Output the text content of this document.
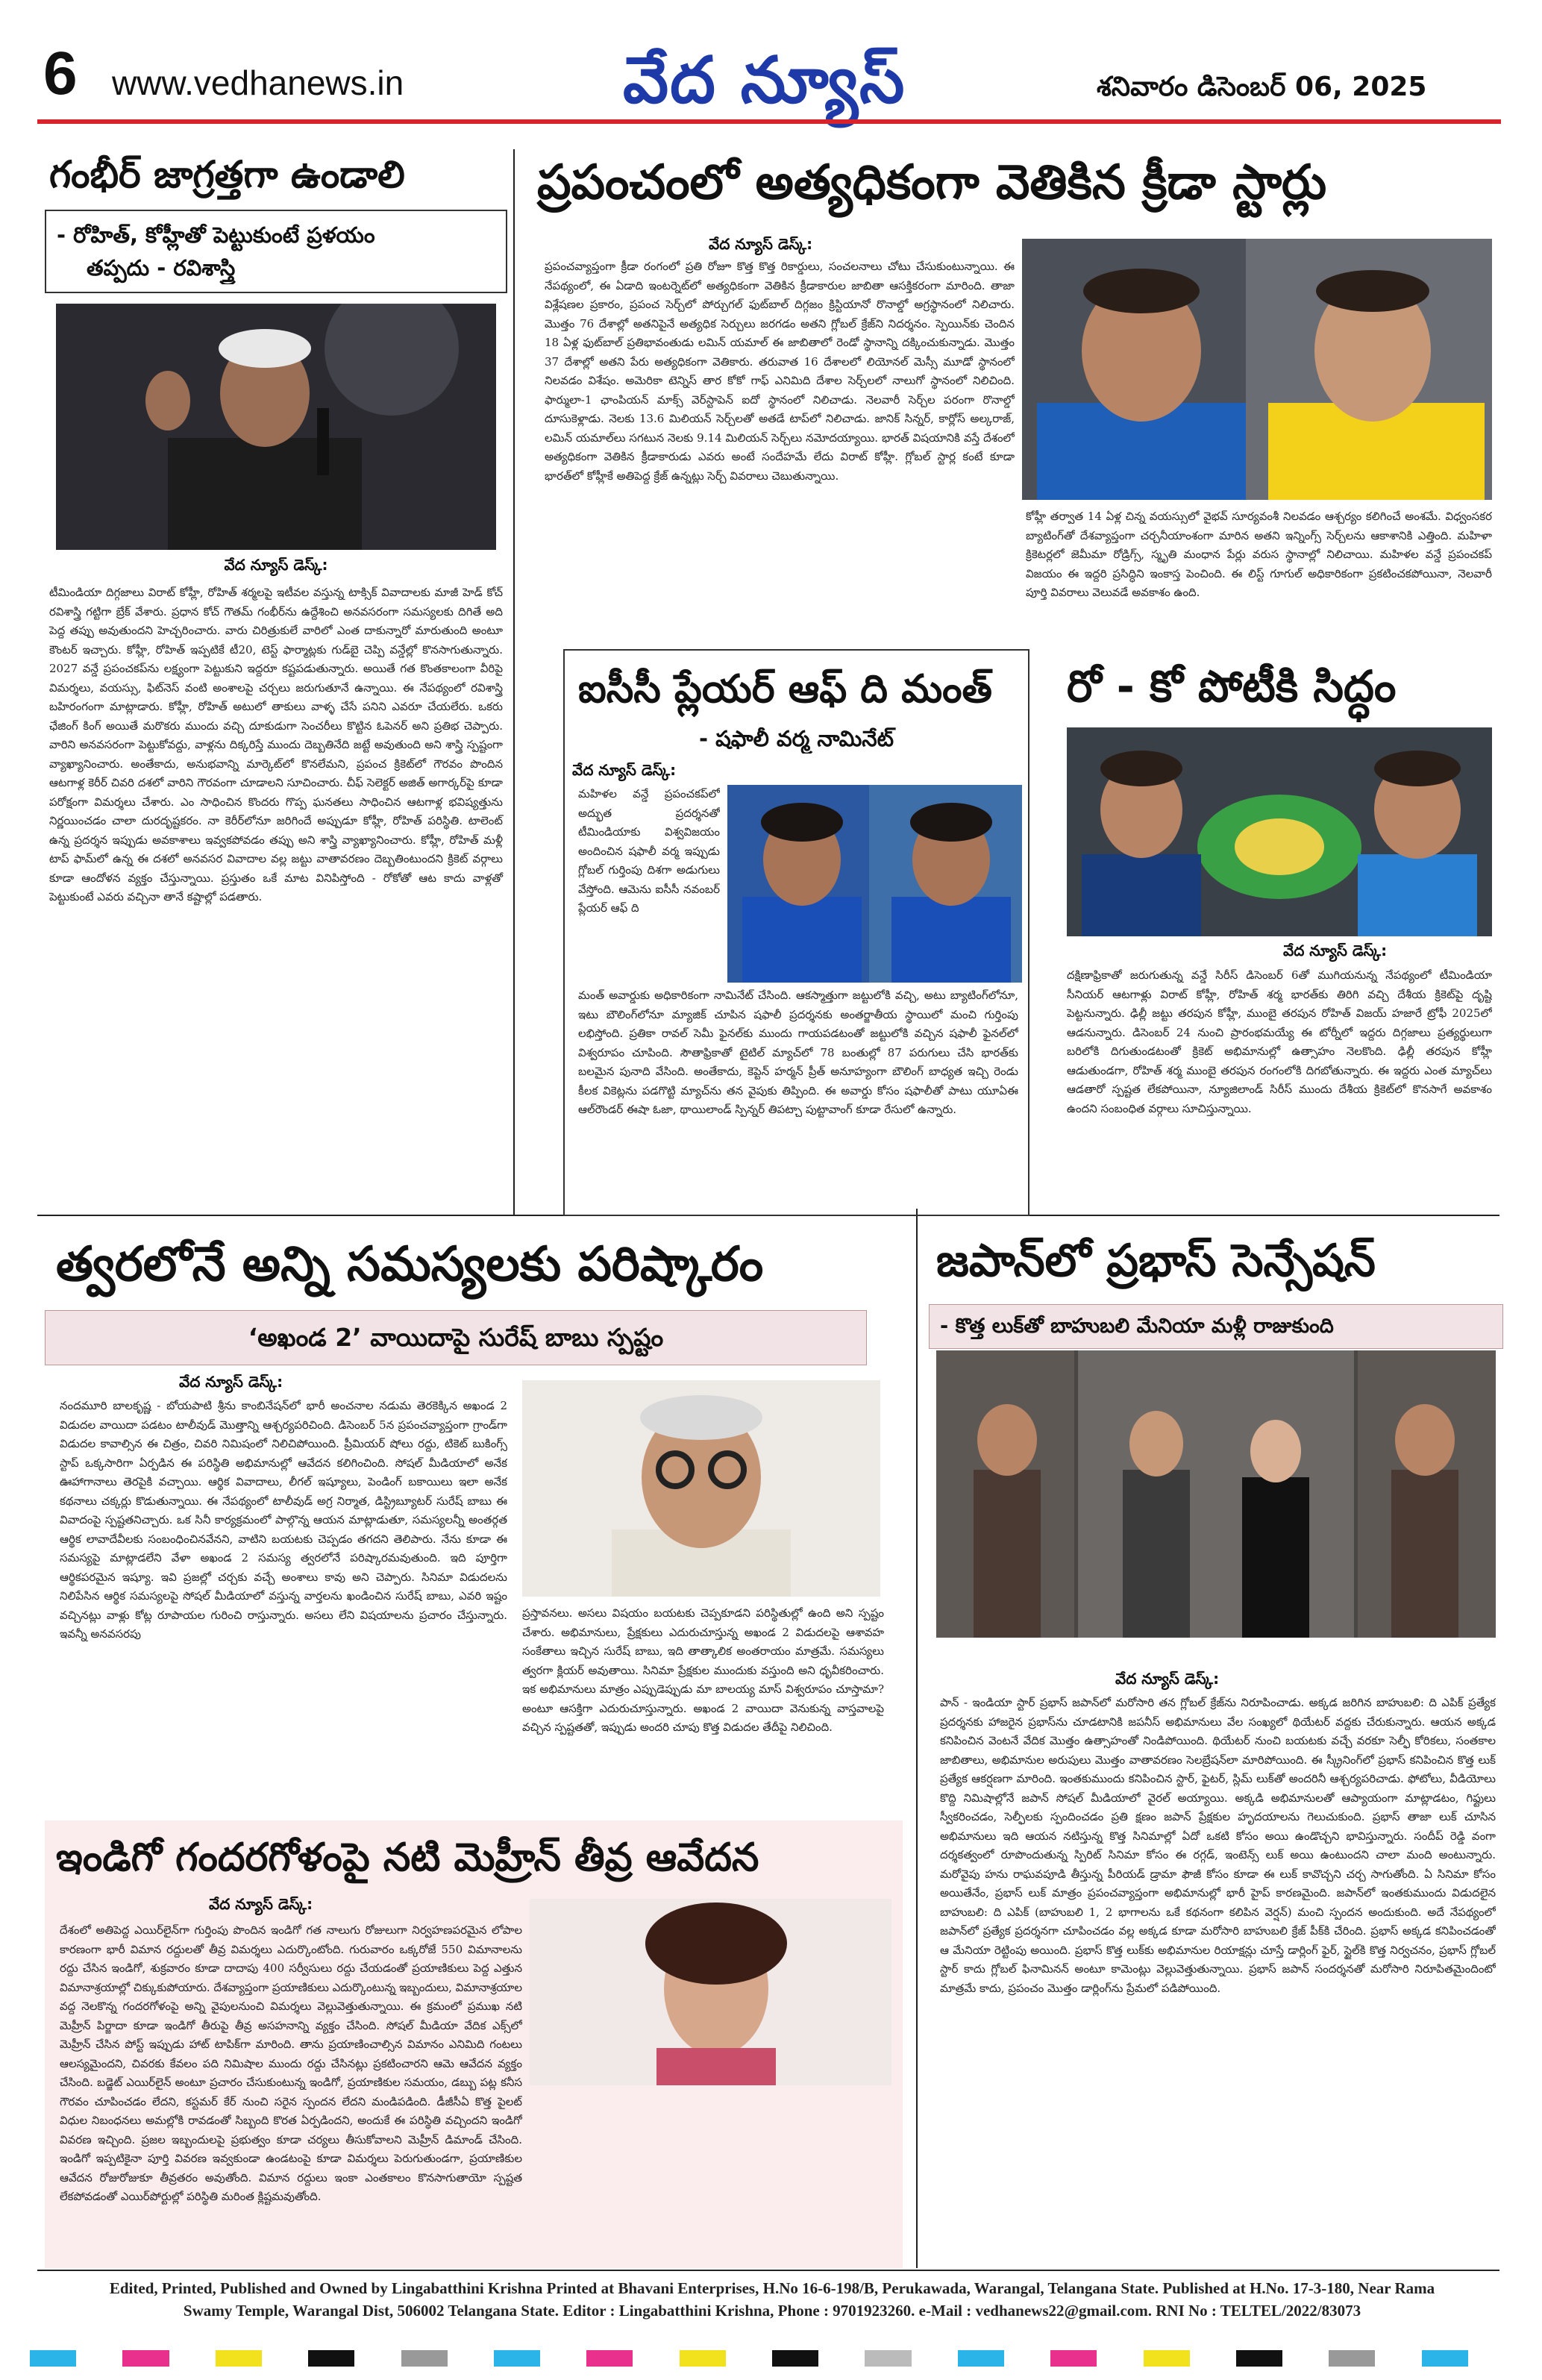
6 www.vedhanews.in	వేద న్యూస్	శనివారం డిసెంబర్ 06, 2025
గంభీర్ జాగ్రత్తగా ఉండాలి
- రోహిత్, కోహ్లీతో పెట్టుకుంటే ప్రళయం
తప్పదు - రవిశాస్త్రి
వేద న్యూస్ డెస్క్:
టీమిండియా దిగ్గజాలు విరాట్ కోహ్లీ, రోహిత్ శర్మలపై ఇటీవల వస్తున్న టాక్సిక్ వివాదాలకు మాజీ హెడ్ కోచ్ రవిశాస్త్రి గట్టిగా బ్రేక్ వేశారు. ప్రధాన కోచ్ గౌతమ్ గంభీర్‌ను ఉద్దేశించి అనవసరంగా సమస్యలకు దిగితే అది పెద్ద తప్పు అవుతుందని హెచ్చరించారు. వారు చిరిత్రుకులే వారిలో ఎంత దాకున్నారో మారుతుంది అంటూ కౌంటర్ ఇచ్చారు. కోహ్లీ, రోహిత్ ఇప్పటికే టీ20, టెస్ట్ ఫార్మాట్లకు గుడ్‌బై చెప్పి వన్డేల్లో కొనసాగుతున్నారు. 2027 వన్డే ప్రపంచకప్‌ను లక్ష్యంగా పెట్టుకుని ఇద్దరూ కష్టపడుతున్నారు. అయితే గత కొంతకాలంగా వీరిపై విమర్శలు, వయస్సు, ఫిట్‌నెస్ వంటి అంశాలపై చర్చలు జరుగుతూనే ఉన్నాయి. ఈ నేపథ్యంలో రవిశాస్త్రి బహిరంగంగా మాట్లాడారు. కోహ్లీ, రోహిత్ అటులో తాకులు వాళ్ళ చేసే పనిని ఎవరూ చేయలేరు. ఒకరు ఛేజింగ్ కింగ్ అయితే మరొకరు ముందు వచ్చి దూకుడుగా సెంచరీలు కొట్టిన ఓపెనర్ అని ప్రతిభ చెప్పారు. వారిని అనవసరంగా పెట్టుకోవద్దు, వాళ్లను దిక్కరిస్తే ముందు దెబ్బతినేది జట్టే అవుతుంది అని శాస్త్రి స్పష్టంగా వ్యాఖ్యానించారు. అంతేకాదు, అనుభవాన్ని మార్కెట్‌లో కొనలేమని, ప్రపంచ క్రికెట్‌లో గౌరవం పొందిన ఆటగాళ్ల కెరీర్ చివరి దశలో వారిని గౌరవంగా చూడాలని సూచించారు. చీఫ్ సెలెక్టర్ అజిత్ అగార్కర్‌పై కూడా పరోక్షంగా విమర్శలు చేశారు. ఎం సాధించిన కొందరు గొప్ప ఘనతలు సాధించిన ఆటగాళ్ల భవిష్యత్తును నిర్ణయించడం చాలా దురదృష్టకరం. నా కెరీర్‌లోనూ జరిగిందే అప్పుడూ కోహ్లీ, రోహిత్ పరిస్థితి. టాలెంట్ ఉన్న ప్రదర్శన ఇప్పుడు అవకాశాలు ఇవ్వకపోవడం తప్పు అని శాస్త్రి వ్యాఖ్యానించారు. కోహ్లీ, రోహిత్ మళ్లీ టాప్ ఫామ్‌లో ఉన్న ఈ దశలో అనవసర వివాదాల వల్ల జట్టు వాతావరణం దెబ్బతింటుందని క్రికెట్ వర్గాలు కూడా ఆందోళన వ్యక్తం చేస్తున్నాయి. ప్రస్తుతం ఒకే మాట వినిపిస్తోంది - రోకోతో ఆట కాదు వాళ్లతో పెట్టుకుంటే ఎవరు వచ్చినా తానే కష్టాల్లో పడతారు.
ప్రపంచంలో అత్యధికంగా వెతికిన క్రీడా స్టార్లు
వేద న్యూస్ డెస్క్:
ప్రపంచవ్యాప్తంగా క్రీడా రంగంలో ప్రతి రోజూ కొత్త కొత్త రికార్డులు, సంచలనాలు చోటు చేసుకుంటున్నాయి. ఈ నేపథ్యంలో, ఈ ఏడాది ఇంటర్నెట్‌లో అత్యధికంగా వెతికిన క్రీడాకారుల జాబితా ఆసక్తికరంగా మారింది. తాజా విశ్లేషణల ప్రకారం, ప్రపంచ సెర్చ్‌లో పోర్చుగల్ ఫుట్‌బాల్ దిగ్గజం క్రిస్టియానో రొనాల్డో అగ్రస్థానంలో నిలిచారు. మొత్తం 76 దేశాల్లో అతనిపైనే అత్యధిక సెర్చులు జరగడం అతని గ్లోబల్ క్రేజ్‌ని నిదర్శనం. స్పెయిన్‌కు చెందిన 18 ఏళ్ల ఫుట్‌బాల్ ప్రతిభావంతుడు లమిన్ యమాల్ ఈ జాబితాలో రెండో స్థానాన్ని దక్కించుకున్నాడు. మొత్తం 37 దేశాల్లో అతని పేరు అత్యధికంగా వెతికారు. తరువాత 16 దేశాలలో లియోనల్ మెస్సీ మూడో స్థానంలో నిలవడం విశేషం. అమెరికా టెన్నిస్ తార కోకో గాఫ్ ఎనిమిది దేశాల సెర్చ్‌లలో నాలుగో స్థానంలో నిలిచింది. ఫార్ములా-1 ఛాంపియన్ మాక్స్ వెర్‌స్టాపెన్ ఐదో స్థానంలో నిలిచాడు. నెలవారీ సెర్చ్‌ల పరంగా రొనాల్డో దూసుకెళ్లాడు. నెలకు 13.6 మిలియన్ సెర్చ్‌లతో అతడే టాప్‌లో నిలిచాడు. జానిక్ సిన్నర్, కార్లోస్ అల్కరాజ్, లమిన్ యమాల్‌లు సగటున నెలకు 9.14 మిలియన్ సెర్చ్‌లు నమోదయ్యాయి. భారత్ విషయానికి వస్తే దేశంలో అత్యధికంగా వెతికిన క్రీడాకారుడు ఎవరు అంటే సందేహమే లేదు విరాట్ కోహ్లీ. గ్లోబల్ స్టార్ల కంటే కూడా భారత్‌లో కోహ్లీకే అతిపెద్ద క్రేజ్ ఉన్నట్లు సెర్చ్ వివరాలు చెబుతున్నాయి.
కోహ్లీ తర్వాత 14 ఏళ్ల చిన్న వయస్సులో వైభవ్ సూర్యవంశీ నిలవడం ఆశ్చర్యం కలిగించే అంశమే. విధ్వంసకర బ్యాటింగ్‌తో దేశవ్యాప్తంగా చర్చనీయాంశంగా మారిన అతని ఇన్నింగ్స్ సెర్చ్‌లను ఆకాశానికి ఎత్తింది. మహిళా క్రికెటర్లలో జెమీమా రోడ్రిగ్స్, స్మృతి మంధాన పేర్లు వరుస స్థానాల్లో నిలిచాయి. మహిళల వన్డే ప్రపంచకప్ విజయం ఈ ఇద్దరి ప్రసిద్ధిని ఇంకాస్త పెంచింది. ఈ లిస్ట్ గూగుల్ అధికారికంగా ప్రకటించకపోయినా, నెలవారీ పూర్తి వివరాలు వెలువడే అవకాశం ఉంది.
ఐసీసీ ప్లేయర్ ఆఫ్ ది మంత్
- షఫాలీ వర్మ నామినేట్
వేద న్యూస్ డెస్క్:
మహిళల వన్డే ప్రపంచకప్‌లో అద్భుత ప్రదర్శనతో టీమిండియాకు విశ్వవిజయం అందించిన షఫాలీ వర్మ ఇప్పుడు గ్లోబల్ గుర్తింపు దిశగా అడుగులు వేస్తోంది. ఆమెను ఐసీసీ నవంబర్ ప్లేయర్ ఆఫ్ ది
మంత్ అవార్డుకు అధికారికంగా నామినేట్ చేసింది. ఆకస్మాత్తుగా జట్టులోకి వచ్చి, అటు బ్యాటింగ్‌లోనూ, ఇటు బౌలింగ్‌లోనూ మ్యాజిక్ చూపిన షఫాలీ ప్రదర్శనకు అంతర్జాతీయ స్థాయిలో మంచి గుర్తింపు లభిస్తోంది. ప్రతికా రావల్ సెమీ ఫైనల్‌కు ముందు గాయపడటంతో జట్టులోకి వచ్చిన షఫాలీ ఫైనల్‌లో విశ్వరూపం చూపింది. సౌతాఫ్రికాతో టైటిల్ మ్యాచ్‌లో 78 బంతుల్లో 87 పరుగులు చేసి భారత్‌కు బలమైన పునాది వేసింది. అంతేకాదు, కెప్టెన్ హర్మన్ ప్రీత్ అనూహ్యంగా బౌలింగ్ బాధ్యత ఇచ్చి రెండు కీలక వికెట్లను పడగొట్టి మ్యాచ్‌ను తన వైపుకు తిప్పింది. ఈ అవార్డు కోసం షఫాలీతో పాటు యూఏఈ ఆల్‌రౌండర్ ఈషా ఓజా, థాయిలాండ్ స్పిన్నర్ తిపట్చా పుట్టావాంగ్ కూడా రేసులో ఉన్నారు.
రో - కో పోటీకి సిద్ధం
వేద న్యూస్ డెస్క్:
దక్షిణాఫ్రికాతో జరుగుతున్న వన్డే సిరీస్ డిసెంబర్ 6తో ముగియనున్న నేపథ్యంలో టీమిండియా సీనియర్ ఆటగాళ్లు విరాట్ కోహ్లీ, రోహిత్ శర్మ భారత్‌కు తిరిగి వచ్చి దేశీయ క్రికెట్‌పై దృష్టి పెట్టనున్నారు. ఢిల్లీ జట్టు తరపున కోహ్లీ, ముంబై తరపున రోహిత్ విజయ్ హజారే ట్రోఫీ 2025లో ఆడనున్నారు. డిసెంబర్ 24 నుంచి ప్రారంభమయ్యే ఈ టోర్నీలో ఇద్దరు దిగ్గజాలు ప్రత్యర్థులుగా బరిలోకి దిగుతుండటంతో క్రికెట్ అభిమానుల్లో ఉత్సాహం నెలకొంది. ఢిల్లీ తరపున కోహ్లీ ఆడుతుండగా, రోహిత్ శర్మ ముంబై తరపున రంగంలోకి దిగబోతున్నారు. ఈ ఇద్దరు ఎంత మ్యాచ్‌లు ఆడతారో స్పష్టత లేకపోయినా, న్యూజిలాండ్ సిరీస్ ముందు దేశీయ క్రికెట్‌లో కొనసాగే అవకాశం ఉందని సంబంధిత వర్గాలు సూచిస్తున్నాయి.
త్వరలోనే అన్ని సమస్యలకు పరిష్కారం
‘అఖండ 2’ వాయిదాపై సురేష్ బాబు స్పష్టం
వేద న్యూస్ డెస్క్:
నందమూరి బాలకృష్ణ - బోయపాటి శ్రీను కాంబినేషన్‌లో భారీ అంచనాల నడుమ తెరకెక్కిన అఖండ 2 విడుదల వాయిదా పడటం టాలీవుడ్ మొత్తాన్ని ఆశ్చర్యపరిచింది. డిసెంబర్ 5న ప్రపంచవ్యాప్తంగా గ్రాండ్‌గా విడుదల కావాల్సిన ఈ చిత్రం, చివరి నిమిషంలో నిలిచిపోయింది. ప్రీమియర్ షోలు రద్దు, టికెట్ బుకింగ్స్ స్టాప్ ఒక్కసారిగా ఏర్పడిన ఈ పరిస్థితి అభిమానుల్లో ఆవేదన కలిగించింది. సోషల్ మీడియాలో అనేక ఊహాగానాలు తెరపైకి వచ్చాయి. ఆర్థిక వివాదాలు, లీగల్ ఇష్యూలు, పెండింగ్ బకాయిలు ఇలా అనేక కథనాలు చక్కర్లు కొడుతున్నాయి. ఈ నేపథ్యంలో టాలీవుడ్ అగ్ర నిర్మాత, డిస్ట్రిబ్యూటర్ సురేష్ బాబు ఈ వివాదంపై స్పష్టతనిచ్చారు. ఒక సినీ కార్యక్రమంలో పాల్గొన్న ఆయన మాట్లాడుతూ, సమస్యలన్నీ అంతర్గత ఆర్థిక లావాదేవీలకు సంబంధించినవేనని, వాటిని బయటకు చెప్పడం తగదని తెలిపారు. నేను కూడా ఈ సమస్యపై మాట్లాడలేని వేళా అఖండ 2 సమస్య త్వరలోనే పరిష్కారమవుతుంది. ఇది పూర్తిగా ఆర్థికపరమైన ఇష్యూ. ఇవి ప్రజల్లో చర్చకు వచ్చే అంశాలు కావు అని చెప్పారు. సినిమా విడుదలను నిలిపేసిన ఆర్థిక సమస్యలపై సోషల్ మీడియాలో వస్తున్న వార్తలను ఖండించిన సురేష్ బాబు, ఎవరి ఇష్టం వచ్చినట్లు వాళ్లు కోట్ల రూపాయల గురించి రాస్తున్నారు. అసలు లేని విషయాలను ప్రచారం చేస్తున్నారు. ఇవన్నీ అనవసరపు
ప్రస్తావనలు. అసలు విషయం బయటకు చెప్పకూడని పరిస్థితుల్లో ఉంది అని స్పష్టం చేశారు. అభిమానులు, ప్రేక్షకులు ఎదురుచూస్తున్న అఖండ 2 విడుదలపై ఆశావహ సంకేతాలు ఇచ్చిన సురేష్ బాబు, ఇది తాత్కాలిక అంతరాయం మాత్రమే. సమస్యలు త్వరగా క్లియర్ అవుతాయి. సినిమా ప్రేక్షకుల ముందుకు వస్తుంది అని ధృవీకరించారు. ఇక అభిమానులు మాత్రం ఎప్పుడెప్పుడు మా బాలయ్య మాస్ విశ్వరూపం చూస్తామా? అంటూ ఆసక్తిగా ఎదురుచూస్తున్నారు. అఖండ 2 వాయిదా వెనుకున్న వాస్తవాలపై వచ్చిన స్పష్టతతో, ఇప్పుడు అందరి చూపు కొత్త విడుదల తేదీపై నిలిచింది.
ఇండిగో గందరగోళంపై నటి మెహ్రీన్ తీవ్ర ఆవేదన
వేద న్యూస్ డెస్క్:
దేశంలో అతిపెద్ద ఎయిర్‌లైన్‌గా గుర్తింపు పొందిన ఇండిగో గత నాలుగు రోజులుగా నిర్వహణపరమైన లోపాల కారణంగా భారీ విమాన రద్దులతో తీవ్ర విమర్శలు ఎదుర్కొంటోంది. గురువారం ఒక్కరోజే 550 విమానాలను రద్దు చేసిన ఇండిగో, శుక్రవారం కూడా దాదాపు 400 సర్వీసులు రద్దు చేయడంతో ప్రయాణికులు పెద్ద ఎత్తున విమానాశ్రయాల్లో చిక్కుకుపోయారు. దేశవ్యాప్తంగా ప్రయాణికులు ఎదుర్కొంటున్న ఇబ్బందులు, విమానాశ్రయాల వద్ద నెలకొన్న గందరగోళంపై అన్ని వైపులనుంచి విమర్శలు వెల్లువెత్తుతున్నాయి. ఈ క్రమంలో ప్రముఖ నటి మెహ్రీన్ పిర్జాదా కూడా ఇండిగో తీరుపై తీవ్ర అసహనాన్ని వ్యక్తం చేసింది. సోషల్ మీడియా వేదిక ఎక్స్‌లో మెహ్రీన్ చేసిన పోస్ట్ ఇప్పుడు హాట్ టాపిక్‌గా మారింది. తాను ప్రయాణించాల్సిన విమానం ఎనిమిది గంటలు ఆలస్యమైందని, చివరకు కేవలం పది నిమిషాల ముందు రద్దు చేసినట్లు ప్రకటించారని ఆమె ఆవేదన వ్యక్తం చేసింది. బడ్జెట్ ఎయిర్‌లైన్ అంటూ ప్రచారం చేసుకుంటున్న ఇండిగో, ప్రయాణికుల సమయం, డబ్బు పట్ల కనీస గౌరవం చూపించడం లేదని, కస్టమర్ కేర్ నుంచి సరైన స్పందన లేదని మండిపడింది. డీజీసీఏ కొత్త పైలట్ విధుల నిబంధనలు అమల్లోకి రావడంతో సిబ్బంది కొరత ఏర్పడిందని, అందుకే ఈ పరిస్థితి వచ్చిందని ఇండిగో వివరణ ఇచ్చింది. ప్రజల ఇబ్బందులపై ప్రభుత్వం కూడా చర్యలు తీసుకోవాలని మెహ్రీన్ డిమాండ్ చేసింది. ఇండిగో ఇప్పటికైనా పూర్తి వివరణ ఇవ్వకుండా ఉండటంపై కూడా విమర్శలు పెరుగుతుండగా, ప్రయాణికుల ఆవేదన రోజురోజుకూ తీవ్రతరం అవుతోంది. విమాన రద్దులు ఇంకా ఎంతకాలం కొనసాగుతాయో స్పష్టత లేకపోవడంతో ఎయిర్‌పోర్టుల్లో పరిస్థితి మరింత క్లిష్టమవుతోంది.
జపాన్‌లో ప్రభాస్ సెన్సేషన్
- కొత్త లుక్‌తో బాహుబలి మేనియా మళ్లీ రాజుకుంది
వేద న్యూస్ డెస్క్:
పాన్ - ఇండియా స్టార్ ప్రభాస్ జపాన్‌లో మరోసారి తన గ్లోబల్ క్రేజ్‌ను నిరూపించాడు. అక్కడ జరిగిన బాహుబలి: ది ఎపిక్ ప్రత్యేక ప్రదర్శనకు హాజరైన ప్రభాస్‌ను చూడటానికి జపనీస్ అభిమానులు వేల సంఖ్యలో థియేటర్ వద్దకు చేరుకున్నారు. ఆయన అక్కడ కనిపించిన వెంటనే వేదిక మొత్తం ఉత్సాహంతో నిండిపోయింది. థియేటర్ నుంచి బయటకు వచ్చే వరకూ సెల్ఫీ కోరికలు, సంతకాల జాబితాలు, అభిమానుల అరుపులు మొత్తం వాతావరణం సెలబ్రేషన్‌లా మారిపోయింది. ఈ స్క్రీనింగ్‌లో ప్రభాస్ కనిపించిన కొత్త లుక్ ప్రత్యేక ఆకర్షణగా మారింది. ఇంతకుముందు కనిపించిన స్టార్, ఫైటర్, స్లిమ్ లుక్‌తో అందరినీ ఆశ్చర్యపరిచాడు. ఫోటోలు, వీడియోలు కొద్ది నిమిషాల్లోనే జపాన్ సోషల్ మీడియాలో వైరల్ అయ్యాయి. అక్కడి అభిమానులతో ఆప్యాయంగా మాట్లాడటం, గిఫ్టులు స్వీకరించడం, సెల్ఫీలకు స్పందించడం ప్రతి క్షణం జపాన్ ప్రేక్షకుల హృదయాలను గెలుచుకుంది. ప్రభాస్ తాజా లుక్ చూసిన అభిమానులు ఇది ఆయన నటిస్తున్న కొత్త సినిమాల్లో ఏదో ఒకటి కోసం అయి ఉండొచ్చని భావిస్తున్నారు. సందీప్ రెడ్డి వంగా దర్శకత్వంలో రూపొందుతున్న స్పిరిట్ సినిమా కోసం ఈ రగ్గడ్, ఇంటెన్స్ లుక్ అయి ఉంటుందని చాలా మంది అంటున్నారు. మరోవైపు హను రాఘవపూడి తీస్తున్న పీరియడ్ డ్రామా ఫౌజీ కోసం కూడా ఈ లుక్ కావొచ్చని చర్చ సాగుతోంది. ఏ సినిమా కోసం అయితేనేం, ప్రభాస్ లుక్ మాత్రం ప్రపంచవ్యాప్తంగా అభిమానుల్లో భారీ హైప్ కారణమైంది. జపాన్‌లో ఇంతకుముందు విడుదలైన బాహుబలి: ది ఎపిక్ (బాహుబలి 1, 2 భాగాలను ఒకే కథనంగా కలిపిన వెర్షన్) మంచి స్పందన అందుకుంది. అదే నేపథ్యంలో జపాన్‌లో ప్రత్యేక ప్రదర్శనగా చూపించడం వల్ల అక్కడ కూడా మరోసారి బాహుబలి క్రేజ్ పీక్‌కి చేరింది. ప్రభాస్ అక్కడ కనిపించడంతో ఆ మేనియా రెట్టింపు అయింది. ప్రభాస్ కొత్త లుక్‌కు అభిమానుల రియాక్షన్లు చూస్తే డార్లింగ్ ఫైర్, స్టైల్‌కి కొత్త నిర్వచనం, ప్రభాస్ గ్లోబల్ స్టార్ కాదు గ్లోబల్ ఫినామినన్ అంటూ కామెంట్లు వెల్లువెత్తుతున్నాయి. ప్రభాస్ జపాన్ సందర్శనతో మరోసారి నిరూపితమైందింటో మాత్రమే కాదు, ప్రపంచం మొత్తం డార్లింగ్‌ను ప్రేమలో పడిపోయింది.
Edited, Printed, Published and Owned by Lingabatthini Krishna Printed at Bhavani Enterprises, H.No 16-6-198/B, Perukawada, Warangal, Telangana State. Published at H.No. 17-3-180, Near Rama
Swamy Temple, Warangal Dist, 506002 Telangana State. Editor : Lingabatthini Krishna, Phone : 9701923260. e-Mail : vedhanews22@gmail.com. RNI No : TELTEL/2022/83073
